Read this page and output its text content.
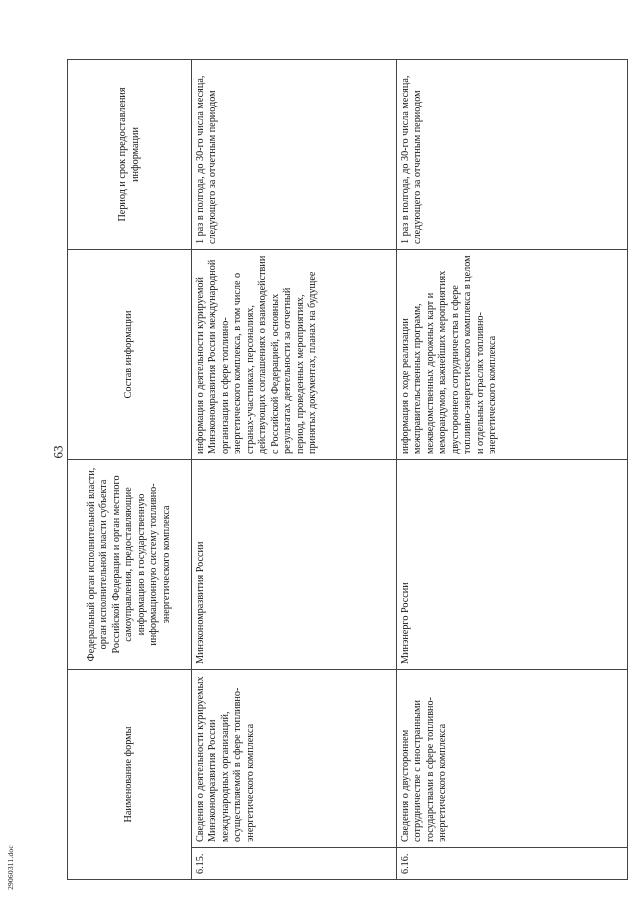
63
29060311.doc
Наименование формы		Федеральный орган исполнительной власти, орган исполнительной власти субъекта Российской Федерации и орган местного самоуправления, предоставляющие информацию в государственную информационную систему топливно-энергетического комплекса	Состав информации	Период и срок предоставления информации
6.15.	Сведения о деятельности курируемых Минэкономразвития России международных организаций, осуществляемой в сфере топливно-энергетического комплекса	Минэкономразвития России	информация о деятельности курируемой Минэкономразвития России международной организации в сфере топливно-энергетического комплекса, в том числе о странах-участниках, персоналиях, действующих соглашениях о взаимодействии с Российской Федерацией, основных результатах деятельности за отчетный период, проведенных мероприятиях, принятых документах, планах на будущее	1 раз в полгода, до 30-го числа месяца, следующего за отчетным периодом
6.16.	Сведения о двустороннем сотрудничестве с иностранными государствами в сфере топливно-энергетического комплекса	Минэнерго России	информация о ходе реализации межправительственных программ, межведомственных дорожных карт и меморандумов, важнейших мероприятиях двустороннего сотрудничества в сфере топливно-энергетического комплекса в целом и отдельных отраслях топливно-энергетического комплекса	1 раз в полгода, до 30-го числа месяца, следующего за отчетным периодом
